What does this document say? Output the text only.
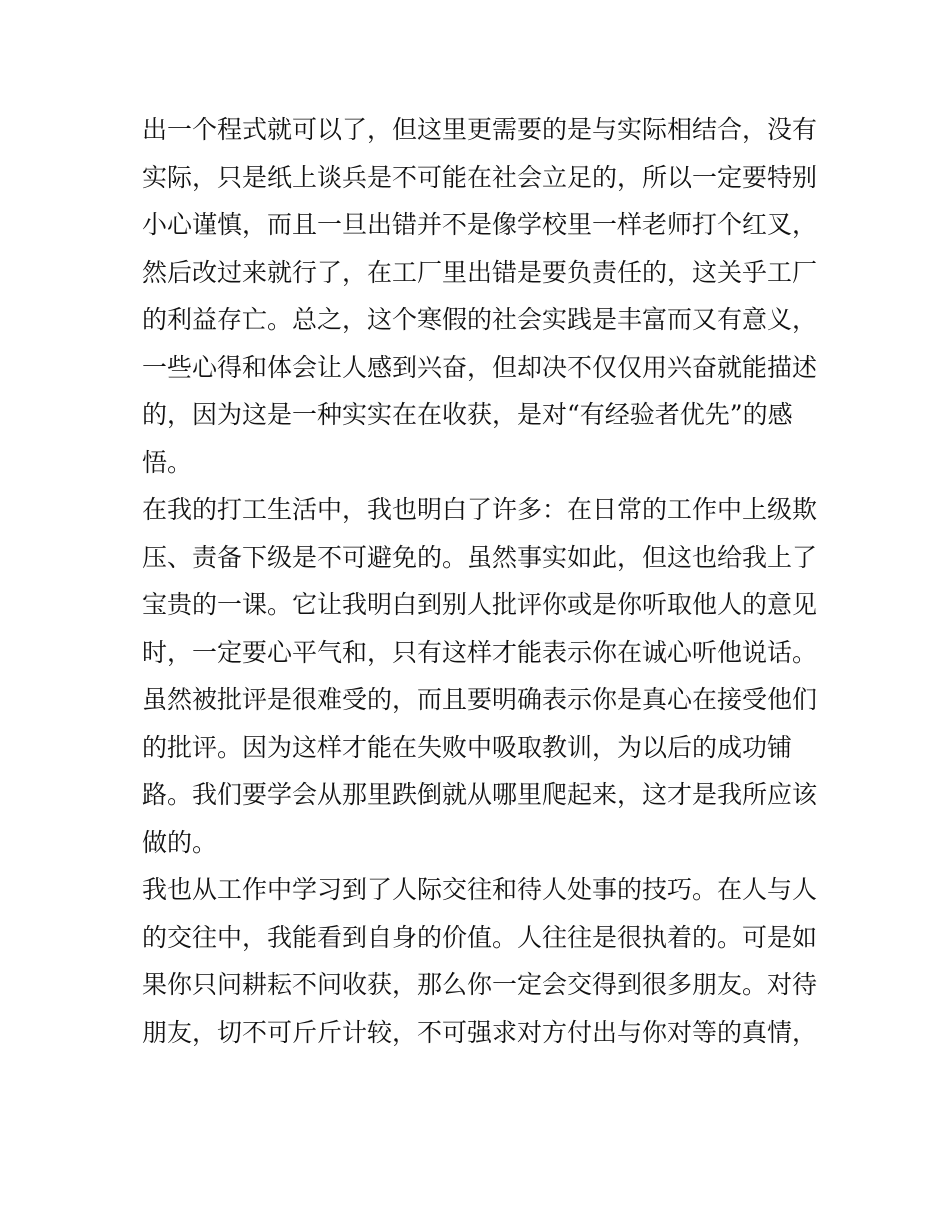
出一个程式就可以了，但这里更需要的是与实际相结合，没有
实际，只是纸上谈兵是不可能在社会立足的，所以一定要特别
小心谨慎，而且一旦出错并不是像学校里一样老师打个红叉，
然后改过来就行了，在工厂里出错是要负责任的，这关乎工厂
的利益存亡。总之，这个寒假的社会实践是丰富而又有意义，
一些心得和体会让人感到兴奋，但却决不仅仅用兴奋就能描述
的，因为这是一种实实在在收获，是对“有经验者优先”的感
悟。
在我的打工生活中，我也明白了许多：在日常的工作中上级欺
压、责备下级是不可避免的。虽然事实如此，但这也给我上了
宝贵的一课。它让我明白到别人批评你或是你听取他人的意见
时，一定要心平气和，只有这样才能表示你在诚心听他说话。
虽然被批评是很难受的，而且要明确表示你是真心在接受他们
的批评。因为这样才能在失败中吸取教训，为以后的成功铺
路。我们要学会从那里跌倒就从哪里爬起来，这才是我所应该
做的。
我也从工作中学习到了人际交往和待人处事的技巧。在人与人
的交往中，我能看到自身的价值。人往往是很执着的。可是如
果你只问耕耘不问收获，那么你一定会交得到很多朋友。对待
朋友，切不可斤斤计较，不可强求对方付出与你对等的真情，
